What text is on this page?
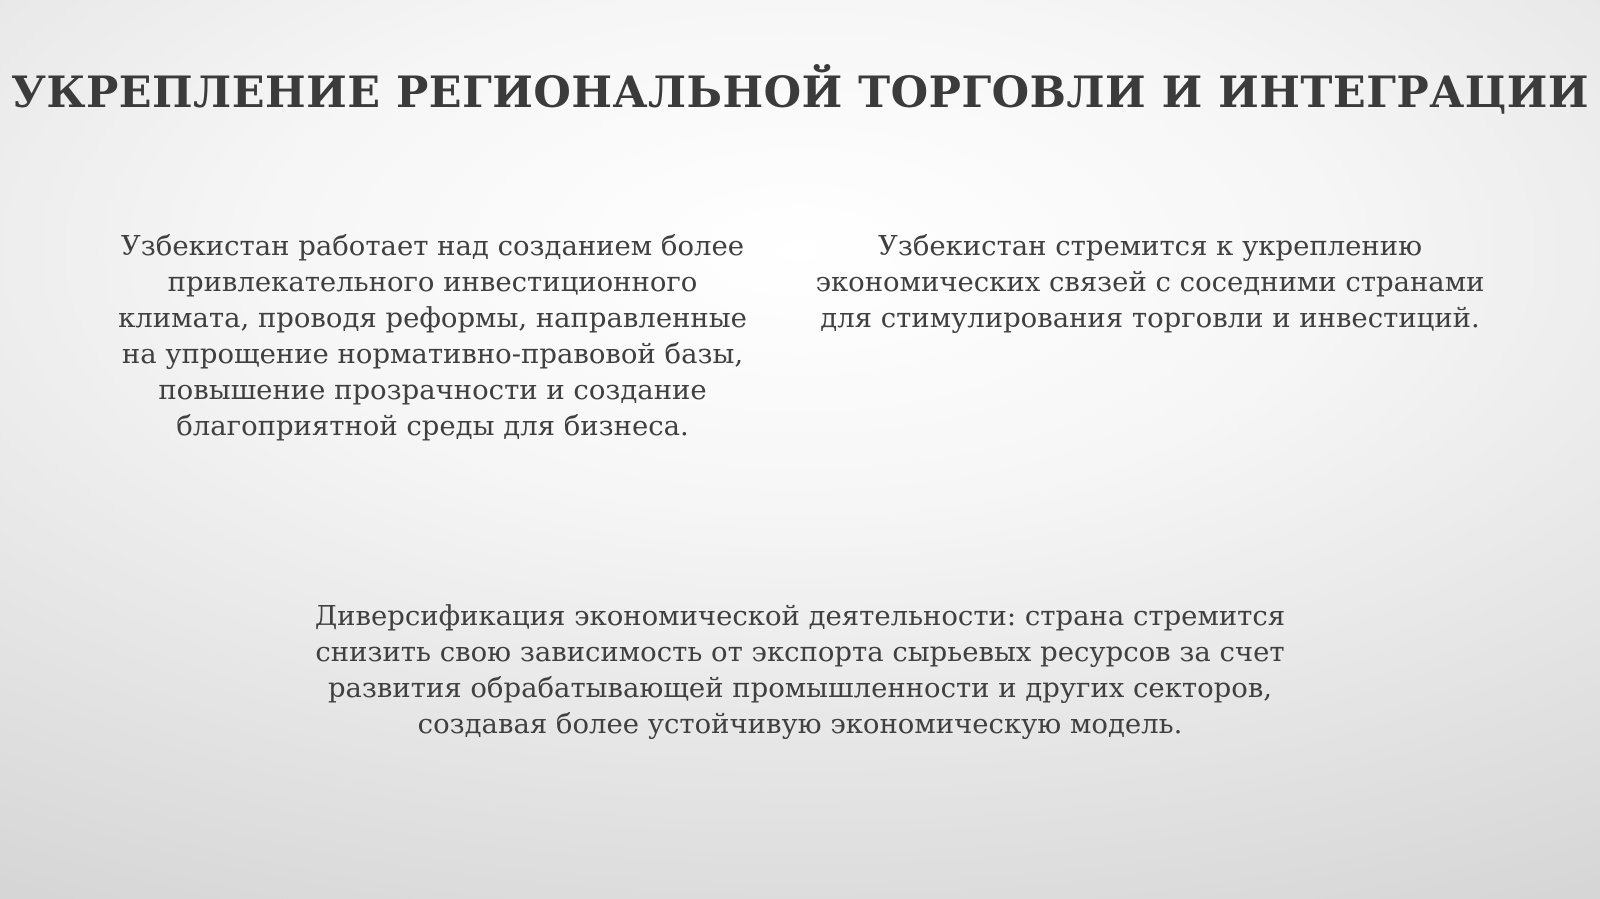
УКРЕПЛЕНИЕ РЕГИОНАЛЬНОЙ ТОРГОВЛИ И ИНТЕГРАЦИИ

Узбекистан работает над созданием более привлекательного инвестиционного климата, проводя реформы, направленные на упрощение нормативно-правовой базы, повышение прозрачности и создание благоприятной среды для бизнеса.

Узбекистан стремится к укреплению экономических связей с соседними странами для стимулирования торговли и инвестиций.

Диверсификация экономической деятельности: страна стремится снизить свою зависимость от экспорта сырьевых ресурсов за счет развития обрабатывающей промышленности и других секторов, создавая более устойчивую экономическую модель.
